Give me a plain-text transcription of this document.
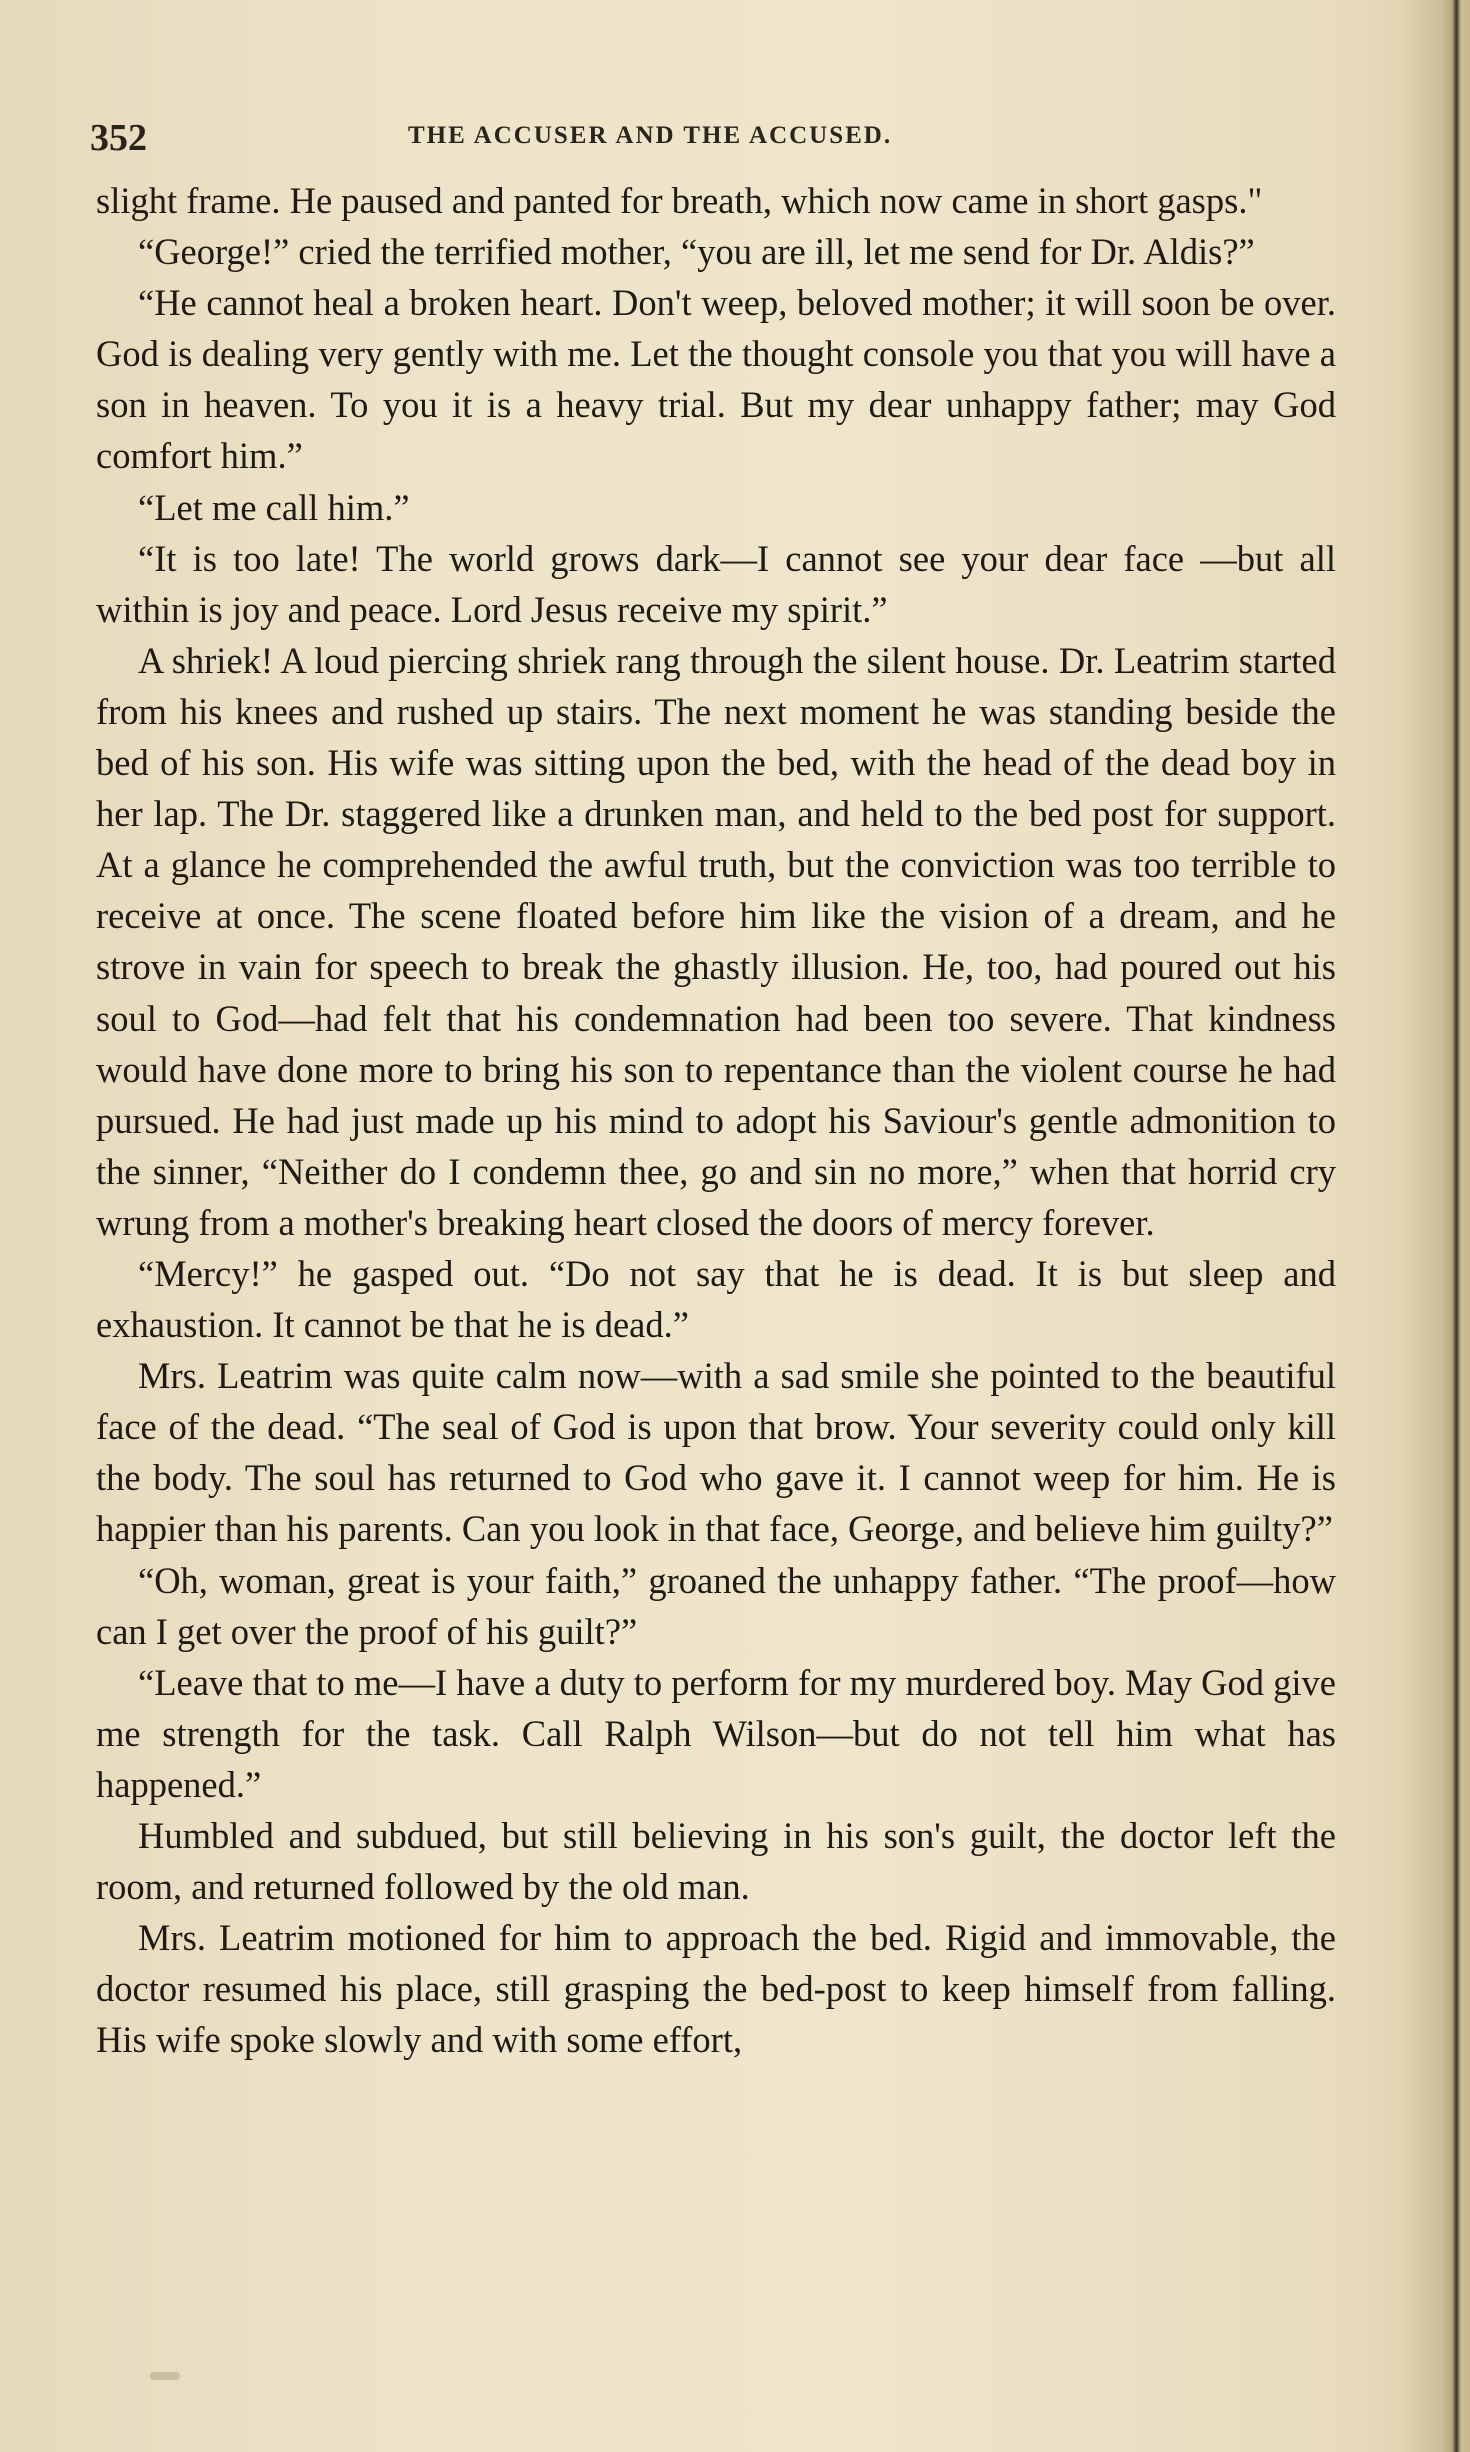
352	THE ACCUSER AND THE ACCUSED.

slight frame. He paused and panted for breath, which now came in short gasps."

“George!” cried the terrified mother, “you are ill, let me send for Dr. Aldis?”

“He cannot heal a broken heart. Don't weep, beloved mother; it will soon be over. God is dealing very gently with me. Let the thought console you that you will have a son in heaven. To you it is a heavy trial. But my dear unhappy father; may God comfort him.”

“Let me call him.”

“It is too late! The world grows dark—I cannot see your dear face —but all within is joy and peace. Lord Jesus receive my spirit.”

A shriek! A loud piercing shriek rang through the silent house. Dr. Leatrim started from his knees and rushed up stairs. The next moment he was standing beside the bed of his son. His wife was sitting upon the bed, with the head of the dead boy in her lap. The Dr. staggered like a drunken man, and held to the bed post for support. At a glance he comprehended the awful truth, but the conviction was too terrible to receive at once. The scene floated before him like the vision of a dream, and he strove in vain for speech to break the ghastly illusion. He, too, had poured out his soul to God—had felt that his condemnation had been too severe. That kindness would have done more to bring his son to repentance than the violent course he had pursued. He had just made up his mind to adopt his Saviour's gentle admonition to the sinner, “Neither do I condemn thee, go and sin no more,” when that horrid cry wrung from a mother's breaking heart closed the doors of mercy forever.

“Mercy!” he gasped out. “Do not say that he is dead. It is but sleep and exhaustion. It cannot be that he is dead.”

Mrs. Leatrim was quite calm now—with a sad smile she pointed to the beautiful face of the dead. “The seal of God is upon that brow. Your severity could only kill the body. The soul has returned to God who gave it. I cannot weep for him. He is happier than his parents. Can you look in that face, George, and believe him guilty?”

“Oh, woman, great is your faith,” groaned the unhappy father. “The proof—how can I get over the proof of his guilt?”

“Leave that to me—I have a duty to perform for my murdered boy. May God give me strength for the task. Call Ralph Wilson—but do not tell him what has happened.”

Humbled and subdued, but still believing in his son's guilt, the doctor left the room, and returned followed by the old man.

Mrs. Leatrim motioned for him to approach the bed. Rigid and immovable, the doctor resumed his place, still grasping the bed-post to keep himself from falling. His wife spoke slowly and with some effort,
